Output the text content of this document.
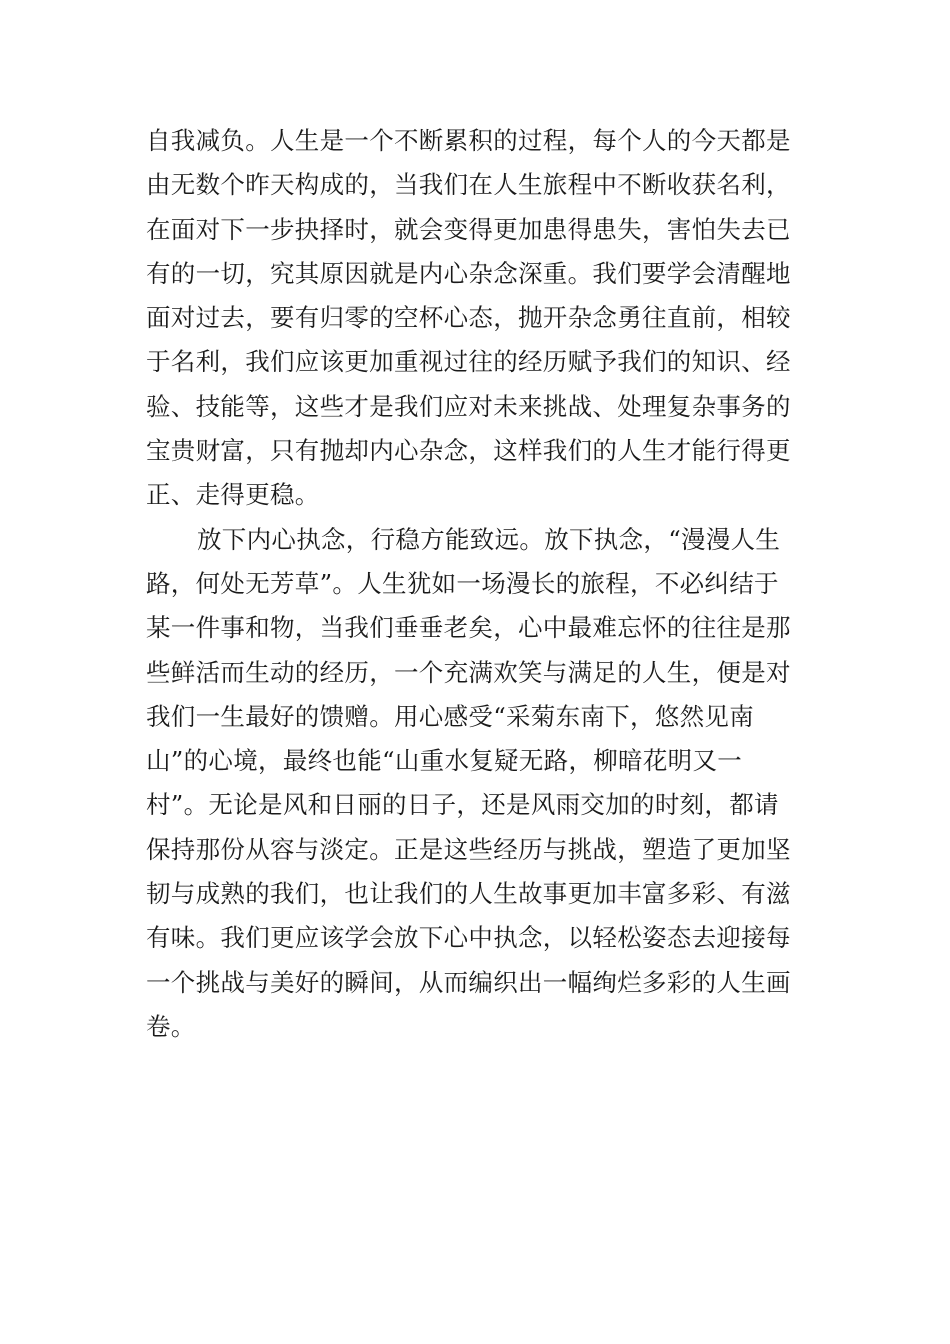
自我减负。人生是一个不断累积的过程，每个人的今天都是
由无数个昨天构成的，当我们在人生旅程中不断收获名利，
在面对下一步抉择时，就会变得更加患得患失，害怕失去已
有的一切，究其原因就是内心杂念深重。我们要学会清醒地
面对过去，要有归零的空杯心态，抛开杂念勇往直前，相较
于名利，我们应该更加重视过往的经历赋予我们的知识、经
验、技能等，这些才是我们应对未来挑战、处理复杂事务的
宝贵财富，只有抛却内心杂念，这样我们的人生才能行得更
正、走得更稳。
放下内心执念，行稳方能致远。放下执念，“漫漫人生
路，何处无芳草”。人生犹如一场漫长的旅程，不必纠结于
某一件事和物，当我们垂垂老矣，心中最难忘怀的往往是那
些鲜活而生动的经历，一个充满欢笑与满足的人生，便是对
我们一生最好的馈赠。用心感受“采菊东南下，悠然见南
山”的心境，最终也能“山重水复疑无路，柳暗花明又一
村”。无论是风和日丽的日子，还是风雨交加的时刻，都请
保持那份从容与淡定。正是这些经历与挑战，塑造了更加坚
韧与成熟的我们，也让我们的人生故事更加丰富多彩、有滋
有味。我们更应该学会放下心中执念，以轻松姿态去迎接每
一个挑战与美好的瞬间，从而编织出一幅绚烂多彩的人生画
卷。
